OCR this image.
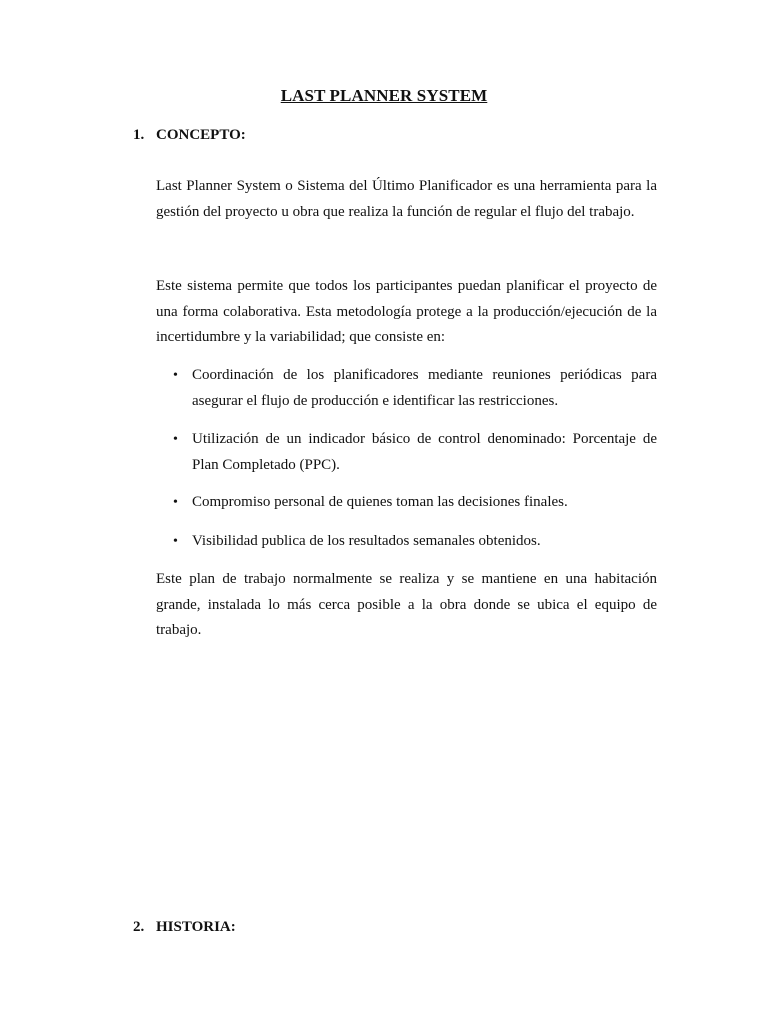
LAST PLANNER SYSTEM
1. CONCEPTO:

Last Planner System o Sistema del Último Planificador es una herramienta para la gestión del proyecto u obra que realiza la función de regular el flujo del trabajo.

Este sistema permite que todos los participantes puedan planificar el proyecto de una forma colaborativa. Esta metodología protege a la producción/ejecución de la incertidumbre y la variabilidad; que consiste en:

• Coordinación de los planificadores mediante reuniones periódicas para asegurar el flujo de producción e identificar las restricciones.
• Utilización de un indicador básico de control denominado: Porcentaje de Plan Completado (PPC).
• Compromiso personal de quienes toman las decisiones finales.
• Visibilidad publica de los resultados semanales obtenidos.

Este plan de trabajo normalmente se realiza y se mantiene en una habitación grande, instalada lo más cerca posible a la obra donde se ubica el equipo de trabajo.

2. HISTORIA:
